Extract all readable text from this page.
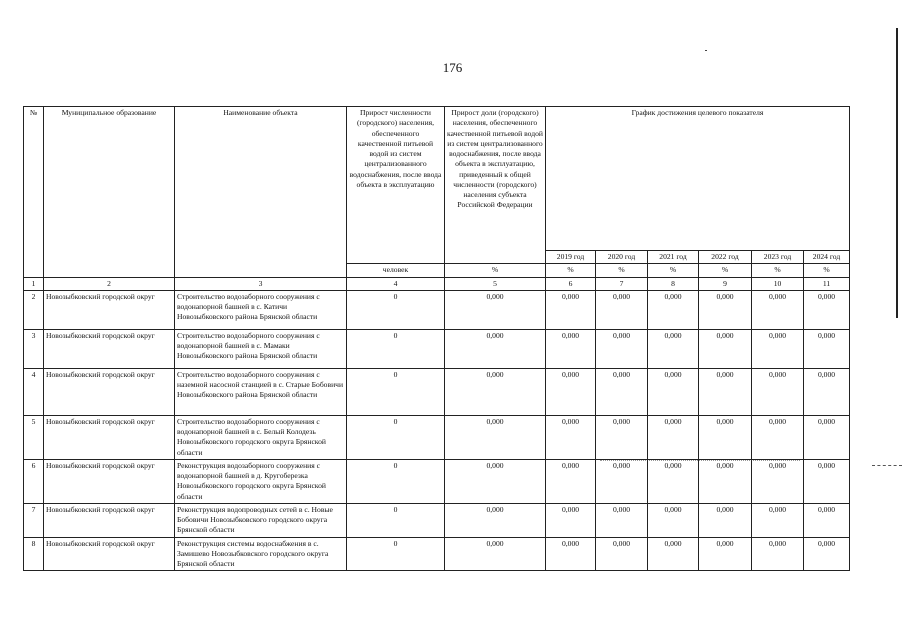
176
№	Муниципальное образование	Наименование объекта	Прирост численности (городского) населения, обеспеченного качественной питьевой водой из систем централизованного водоснабжения, после ввода объекта в эксплуатацию	Прирост доли (городского) населения, обеспеченного качественной питьевой водой из систем централизованного водоснабжения, после ввода объекта в эксплуатацию, приведенный к общей численности (городского) населения субъекта Российской Федерации	График достижения целевого показателя					
					2019 год	2020 год	2021 год	2022 год	2023 год	2024 год
			человек	%	%	%	%	%	%	%
1	2	3	4	5	6	7	8	9	10	11
2	Новозыбковский городской округ	Строительство водозаборного сооружения с водонапорной башней в с. Катичи Новозыбковского района Брянской области	0	0,000	0,000	0,000	0,000	0,000	0,000	0,000
3	Новозыбковский городской округ	Строительство водозаборного сооружения с водонапорной башней в с. Мамаки Новозыбковского района Брянской области	0	0,000	0,000	0,000	0,000	0,000	0,000	0,000
4	Новозыбковский городской округ	Строительство водозаборного сооружения с наземной насосной станцией в с. Старые Бобовичи Новозыбковского района Брянской области	0	0,000	0,000	0,000	0,000	0,000	0,000	0,000
5	Новозыбковский городской округ	Строительство водозаборного сооружения с водонапорной башней в с. Белый Колодезь Новозыбковского городского округа Брянской области	0	0,000	0,000	0,000	0,000	0,000	0,000	0,000
6	Новозыбковский городской округ	Реконструкция водозаборного сооружения с водонапорной башней в д. Кругоберезка Новозыбковского городского округа Брянской области	0	0,000	0,000	0,000	0,000	0,000	0,000	0,000
7	Новозыбковский городской округ	Реконструкция водопроводных сетей в с. Новые Бобовичи Новозыбковского городского округа Брянской области	0	0,000	0,000	0,000	0,000	0,000	0,000	0,000
8	Новозыбковский городской округ	Реконструкция системы водоснабжения в с. Замишево Новозыбковского городского округа Брянской области	0	0,000	0,000	0,000	0,000	0,000	0,000	0,000
